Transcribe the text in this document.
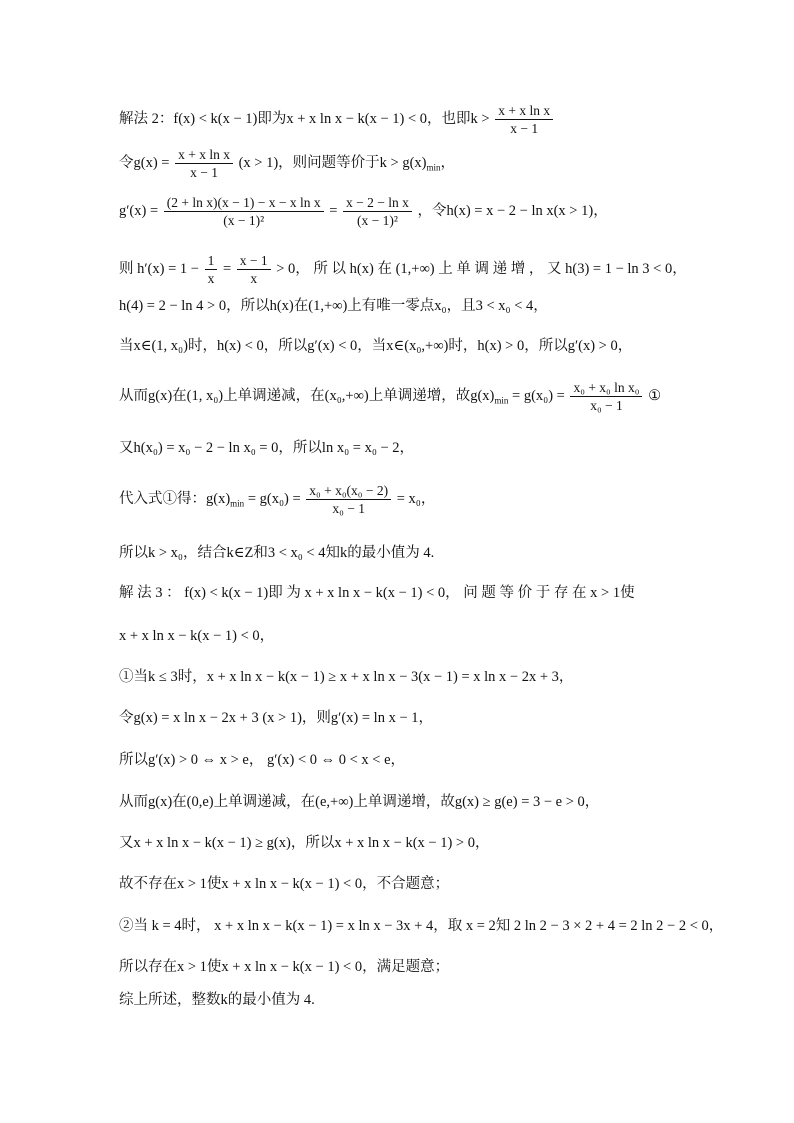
解法 2：f(x) < k(x − 1)即为x + x ln x − k(x − 1) < 0，也即$k > \frac{\text{x + x ln x}}{x - 1}$
令$g(x) = \frac{\text{x + x ln x}}{x - 1} (x > 1)$，则问题等价于$k > g(x)_{min}$，
$g'(x) = \frac{\text{(2 + ln x)(x − 1) − x − x ln x}}{\text{(x − 1)²}} = \frac{\text{x − 2 − ln x}}{\text{(x − 1)²}}$ ，令h(x) = x − 2 − ln x(x > 1)，
则 $h'(x) = 1 - \frac{1}{x} = \frac{x - 1}{x} > 0$， 所 以 h(x) 在 (1,+∞) 上 单 调 递 增 ， 又 h(3) = 1 − ln 3 < 0，
h(4) = 2 − ln 4 > 0，所以h(x)在(1,+∞)上有唯一零点x₀，且3 < x₀ < 4，
当x∈(1, x₀)时，h(x) < 0，所以g′(x) < 0，当x∈(x₀,+∞)时，h(x) > 0，所以g′(x) > 0，
从而g(x)在(1, x₀)上单调递减，在(x₀,+∞)上单调递增，故$g(x)_{min} = g(x_0) = \frac{\text{x₀ + x₀ ln x₀}}{\text{x₀ − 1}}$ ①
又h(x₀) = x₀ − 2 − ln x₀ = 0，所以ln x₀ = x₀ − 2，
代入式①得：$g(x)_{min} = g(x_0) = \frac{\text{x₀ + x₀(x₀ − 2)}}{\text{x₀ − 1}} = x_0$，
所以k > x₀，结合k∈Z和3 < x₀ < 4知k的最小值为 4.
解 法 3 ： f(x) < k(x − 1)即 为 x + x ln x − k(x − 1) < 0， 问 题 等 价 于 存 在 x > 1使
x + x ln x − k(x − 1) < 0，
①当k ≤ 3时，x + x ln x − k(x − 1) ≥ x + x ln x − 3(x − 1) = x ln x − 2x + 3，
令g(x) = x ln x − 2x + 3 (x > 1)，则g′(x) = ln x − 1，
所以g′(x) > 0 ⇔ x > e， g′(x) < 0 ⇔ 0 < x < e，
从而g(x)在(0,e)上单调递减，在(e,+∞)上单调递增，故g(x) ≥ g(e) = 3 − e > 0，
又x + x ln x − k(x − 1) ≥ g(x)，所以x + x ln x − k(x − 1) > 0，
故不存在x > 1使x + x ln x − k(x − 1) < 0，不合题意；
②当 k = 4时， x + x ln x − k(x − 1) = x ln x − 3x + 4，取 x = 2知 2 ln 2 − 3 × 2 + 4 = 2 ln 2 − 2 < 0，
所以存在x > 1使x + x ln x − k(x − 1) < 0，满足题意；
综上所述，整数k的最小值为 4.
